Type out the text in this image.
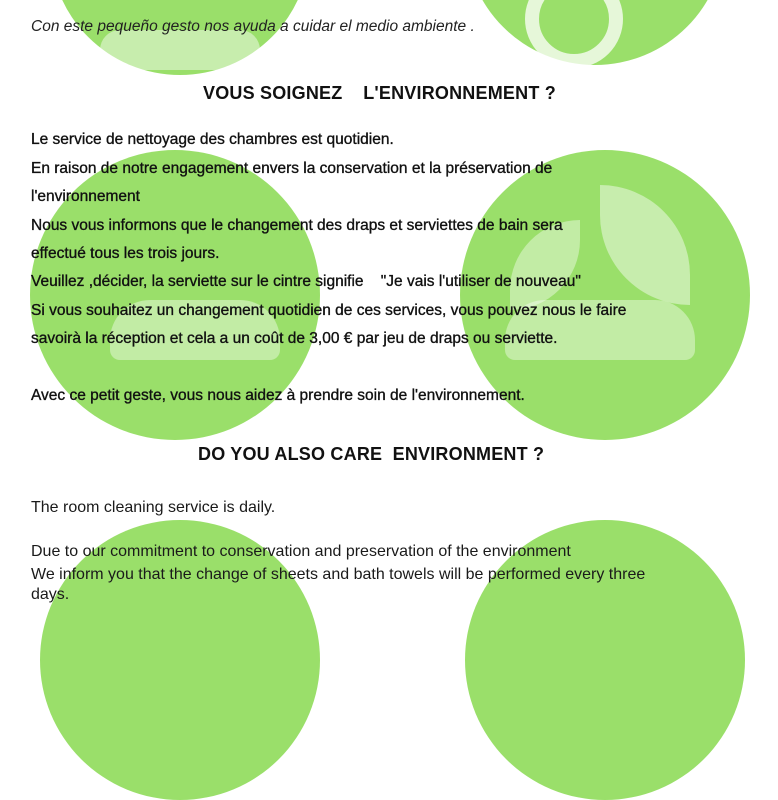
Con este pequeño gesto nos ayuda a cuidar el medio ambiente .
VOUS SOIGNEZ    L'ENVIRONNEMENT ?
Le service de nettoyage des chambres est quotidien.
En raison de notre engagement envers la conservation et la préservation de
l'environnement
Nous vous informons que le changement des draps et serviettes de bain sera
effectué tous les trois jours.
Veuillez ,décider, la serviette sur le cintre signifie    "Je vais l'utiliser de nouveau"
Si vous souhaitez un changement quotidien de ces services, vous pouvez nous le faire
savoirà la réception et cela a un coût de 3,00 € par jeu de draps ou serviette.
Avec ce petit geste, vous nous aidez à prendre soin de l'environnement.
DO YOU ALSO CARE  ENVIRONMENT ?
The room cleaning service is daily.
Due to our commitment to conservation and preservation of the environment
We inform you that the change of sheets and bath towels will be performed every three
days.
